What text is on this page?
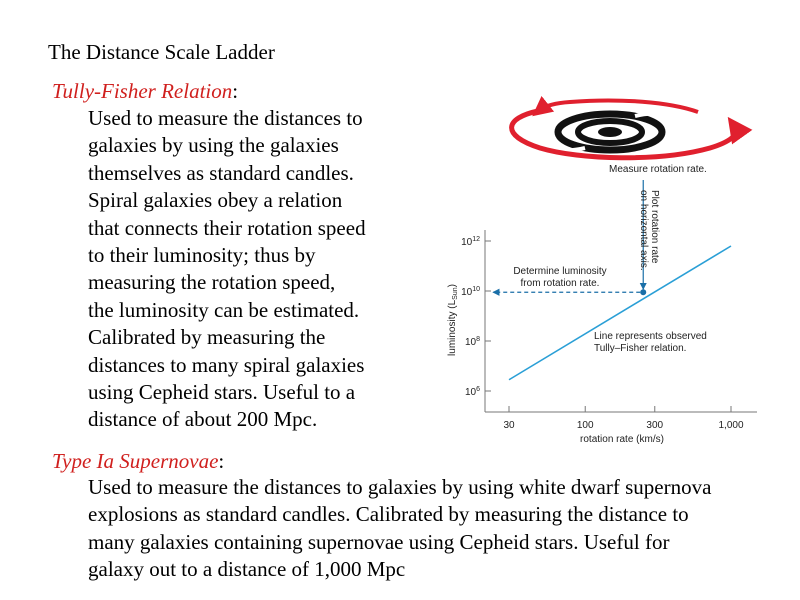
The Distance Scale Ladder
Tully-Fisher Relation:
Used to measure the distances to
galaxies by using the galaxies
themselves as standard candles.
Spiral galaxies obey a relation
that connects their rotation speed
to their luminosity; thus by
measuring the rotation speed,
the luminosity can be estimated.
Calibrated by measuring the
distances to many spiral galaxies
using Cepheid stars. Useful to a
distance of about 200 Mpc.
Type Ia Supernovae:
Used to measure the distances to galaxies by using white dwarf supernova
explosions as standard candles. Calibrated by measuring the distance to
many galaxies containing supernovae using Cepheid stars. Useful for
galaxy out to a distance of 1,000 Mpc
$10^6$
$10^8$
$10^{10}$
$10^{12}$
30	100	300	1,000
luminosity $(L_{Sun})$
rotation rate (km/s)
Measure rotation rate.
Plot rotation rateon horizontal axis.
Determine luminosity from rotation rate.
Line represents observed Tully–Fisher relation.
